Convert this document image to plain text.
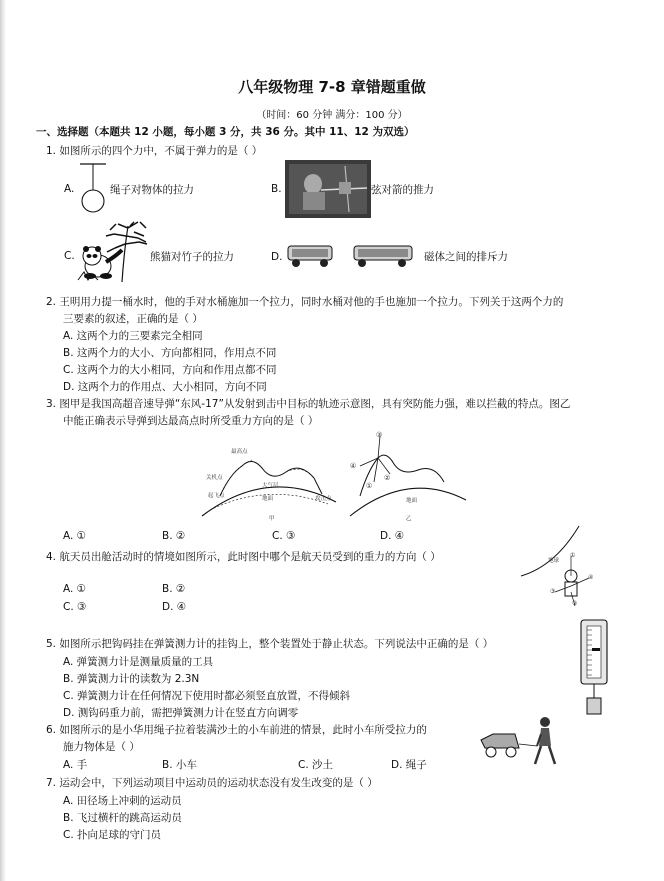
八年级物理 7-8 章错题重做
（时间：60 分钟 满分：100 分）
一、选择题（本题共 12 小题，每小题 3 分，共 36 分。其中 11、12 为双选）
1. 如图所示的四个力中，不属于弹力的是（ ）
A.	绳子对物体的拉力	B.	弦对箭的推力
C.	熊猫对竹子的拉力	D.	磁体之间的排斥力
2. 王明用力提一桶水时，他的手对水桶施加一个拉力，同时水桶对他的手也施加一个拉力。下列关于这两个力的
三要素的叙述，正确的是（ ）
A. 这两个力的三要素完全相同
B. 这两个力的大小、方向都相同，作用点不同
C. 这两个力的大小相同，方向和作用点都不同
D. 这两个力的作用点、大小相同，方向不同
3. 图甲是我国高超音速导弹“东风-17”从发射到击中目标的轨迹示意图，具有突防能力强，难以拦截的特点。图乙
中能正确表示导弹到达最高点时所受重力方向的是（ ）
最高点
关机点
起飞点
大气层
地面	攻击点
甲
③
④
①
②
地面
乙
A. ①	B. ②	C. ③	D. ④
4. 航天员出舱活动时的情境如图所示，此时图中哪个是航天员受到的重力的方向（ ）	地球
①
③
④
②
A. ①	B. ②
C. ③	D. ④
5. 如图所示把钩码挂在弹簧测力计的挂钩上，整个装置处于静止状态。下列说法中正确的是（ ）
A. 弹簧测力计是测量质量的工具
B. 弹簧测力计的读数为 2.3N
C. 弹簧测力计在任何情况下使用时都必须竖直放置，不得倾斜
D. 测钩码重力前，需把弹簧测力计在竖直方向调零
6. 如图所示的是小华用绳子拉着装满沙土的小车前进的情景，此时小车所受拉力的
施力物体是（ ）
A. 手	B. 小车	C. 沙土	D. 绳子
7. 运动会中，下列运动项目中运动员的运动状态没有发生改变的是（ ）
A. 田径场上冲刺的运动员
B. 飞过横杆的跳高运动员
C. 扑向足球的守门员
